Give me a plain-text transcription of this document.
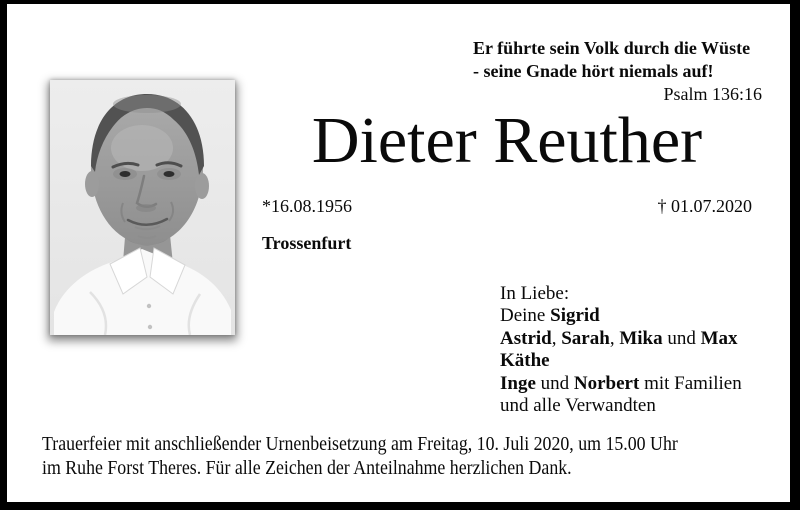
Er führte sein Volk durch die Wüste
- seine Gnade hört niemals auf!
Psalm 136:16
Dieter Reuther
*16.08.1956	† 01.07.2020
Trossenfurt
In Liebe:
Deine Sigrid
Astrid, Sarah, Mika und Max
Käthe
Inge und Norbert mit Familien
und alle Verwandten
Trauerfeier mit anschließender Urnenbeisetzung am Freitag, 10. Juli 2020, um 15.00 Uhr
im Ruhe Forst Theres. Für alle Zeichen der Anteilnahme herzlichen Dank.
